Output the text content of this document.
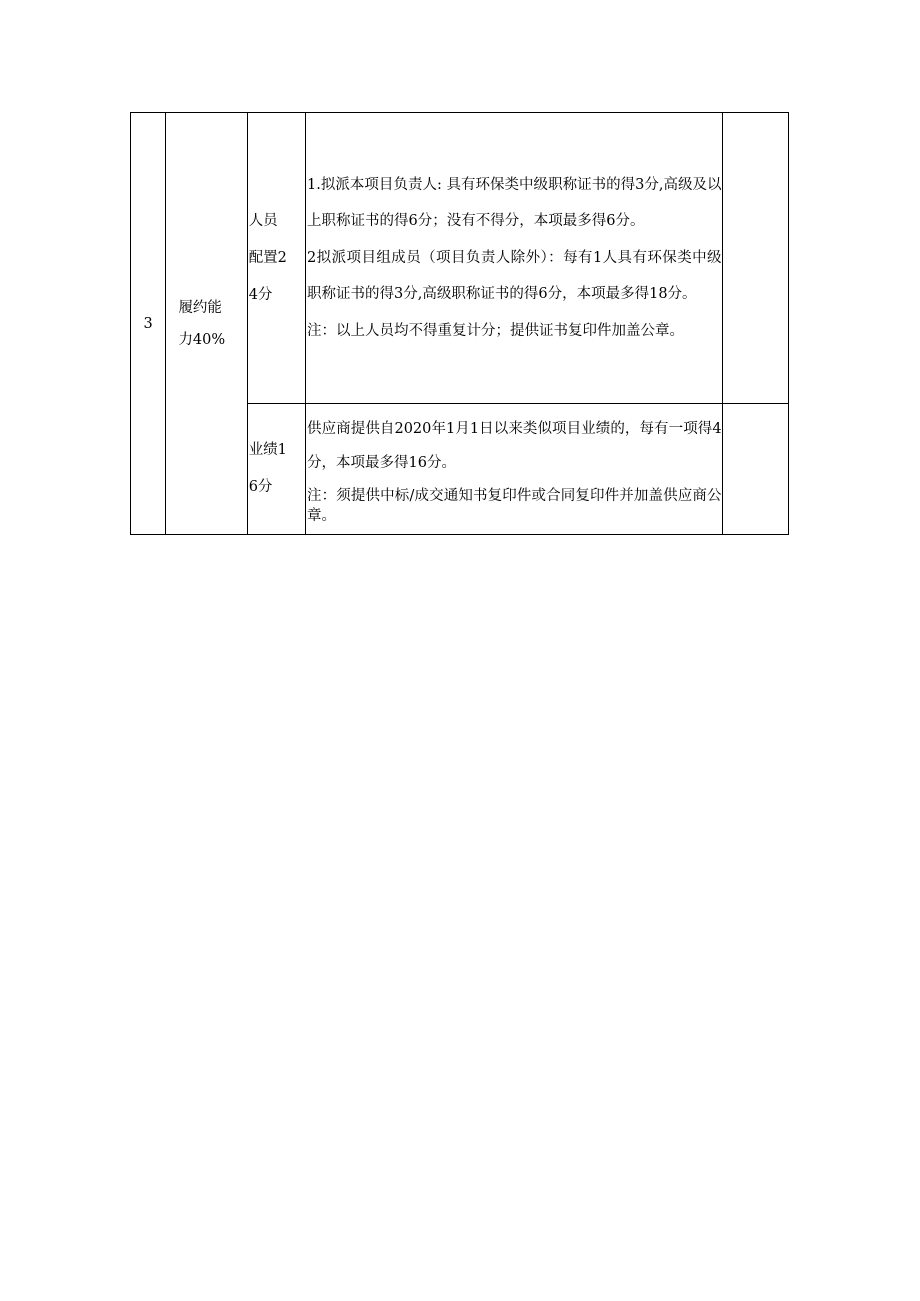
3	履约能力40%	人员配置24分	1.拟派本项目负责人: 具有环保类中级职称证书的得3分,高级及以上职称证书的得6分；没有不得分，本项最多得6分。
2拟派项目组成员（项目负责人除外）：每有1人具有环保类中级职称证书的得3分,高级职称证书的得6分，本项最多得18分。
注：以上人员均不得重复计分；提供证书复印件加盖公章。	

		业绩16分	供应商提供自2020年1月1日以来类似项目业绩的，每有一项得4分，本项最多得16分。
注：须提供中标/成交通知书复印件或合同复印件并加盖供应商公章。	
